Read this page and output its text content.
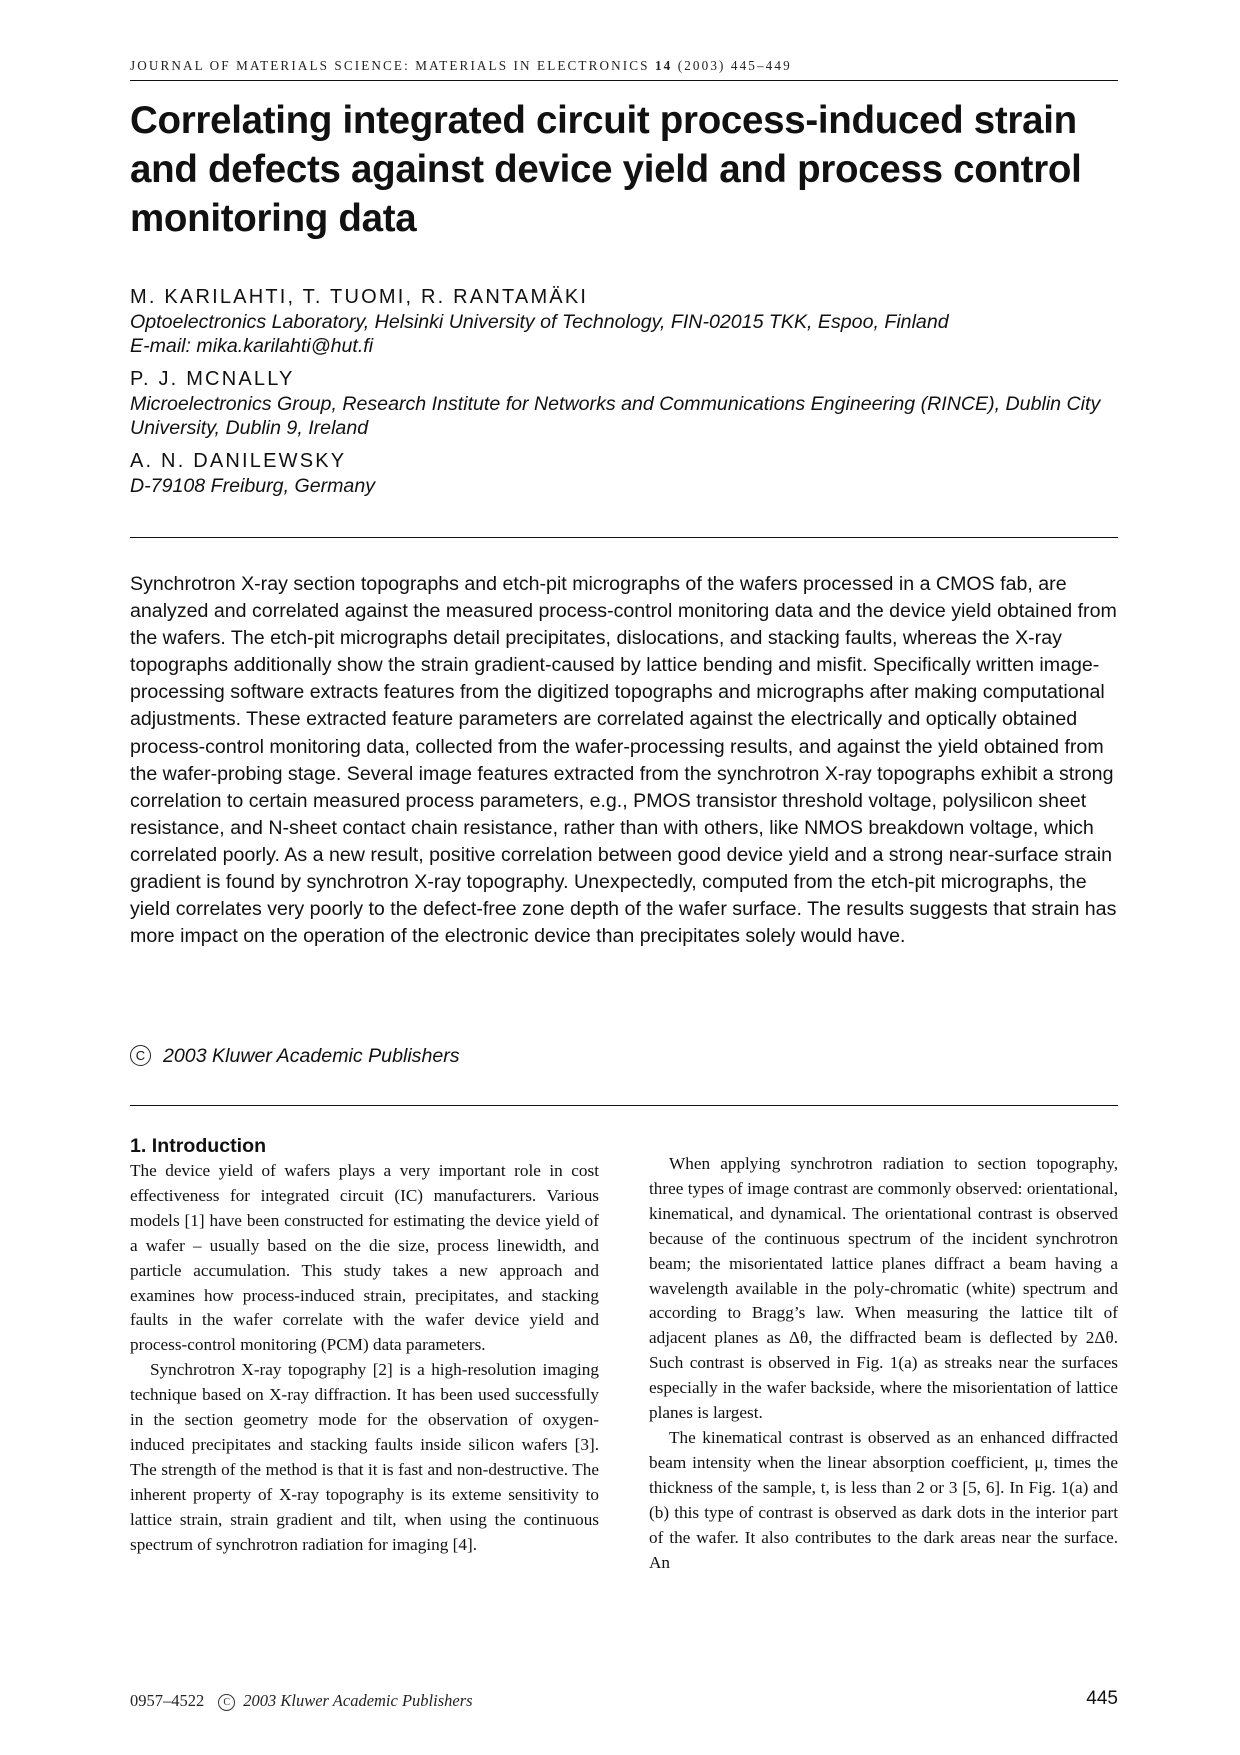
JOURNAL OF MATERIALS SCIENCE: MATERIALS IN ELECTRONICS 14 (2003) 445–449
Correlating integrated circuit process-induced strain and defects against device yield and process control monitoring data
M. KARILAHTI, T. TUOMI, R. RANTAMÄKI
Optoelectronics Laboratory, Helsinki University of Technology, FIN-02015 TKK, Espoo, Finland
E-mail: mika.karilahti@hut.fi
P. J. MCNALLY
Microelectronics Group, Research Institute for Networks and Communications Engineering (RINCE), Dublin City University, Dublin 9, Ireland
A. N. DANILEWSKY
D-79108 Freiburg, Germany

Synchrotron X-ray section topographs and etch-pit micrographs of the wafers processed in a CMOS fab, are analyzed and correlated against the measured process-control monitoring data and the device yield obtained from the wafers. The etch-pit micrographs detail precipitates, dislocations, and stacking faults, whereas the X-ray topographs additionally show the strain gradient-caused by lattice bending and misfit. Specifically written image-processing software extracts features from the digitized topographs and micrographs after making computational adjustments. These extracted feature parameters are correlated against the electrically and optically obtained process-control monitoring data, collected from the wafer-processing results, and against the yield obtained from the wafer-probing stage. Several image features extracted from the synchrotron X-ray topographs exhibit a strong correlation to certain measured process parameters, e.g., PMOS transistor threshold voltage, polysilicon sheet resistance, and N-sheet contact chain resistance, rather than with others, like NMOS breakdown voltage, which correlated poorly. As a new result, positive correlation between good device yield and a strong near-surface strain gradient is found by synchrotron X-ray topography. Unexpectedly, computed from the etch-pit micrographs, the yield correlates very poorly to the defect-free zone depth of the wafer surface. The results suggests that strain has more impact on the operation of the electronic device than precipitates solely would have.

C 2003 Kluwer Academic Publishers
1. Introduction

The device yield of wafers plays a very important role in cost effectiveness for integrated circuit (IC) manufacturers. Various models [1] have been constructed for estimating the device yield of a wafer – usually based on the die size, process linewidth, and particle accumulation. This study takes a new approach and examines how process-induced strain, precipitates, and stacking faults in the wafer correlate with the wafer device yield and process-control monitoring (PCM) data parameters.

Synchrotron X-ray topography [2] is a high-resolution imaging technique based on X-ray diffraction. It has been used successfully in the section geometry mode for the observation of oxygen-induced precipitates and stacking faults inside silicon wafers [3]. The strength of the method is that it is fast and non-destructive. The inherent property of X-ray topography is its exteme sensitivity to lattice strain, strain gradient and tilt, when using the continuous spectrum of synchrotron radiation for imaging [4].

When applying synchrotron radiation to section topography, three types of image contrast are commonly observed: orientational, kinematical, and dynamical. The orientational contrast is observed because of the continuous spectrum of the incident synchrotron beam; the misorientated lattice planes diffract a beam having a wavelength available in the poly-chromatic (white) spectrum and according to Bragg’s law. When measuring the lattice tilt of adjacent planes as Δθ, the diffracted beam is deflected by 2Δθ. Such contrast is observed in Fig. 1(a) as streaks near the surfaces especially in the wafer backside, where the misorientation of lattice planes is largest.

The kinematical contrast is observed as an enhanced diffracted beam intensity when the linear absorption coefficient, μ, times the thickness of the sample, t, is less than 2 or 3 [5, 6]. In Fig. 1(a) and (b) this type of contrast is observed as dark dots in the interior part of the wafer. It also contributes to the dark areas near the surface. An

0957–4522 C 2003 Kluwer Academic Publishers	445
